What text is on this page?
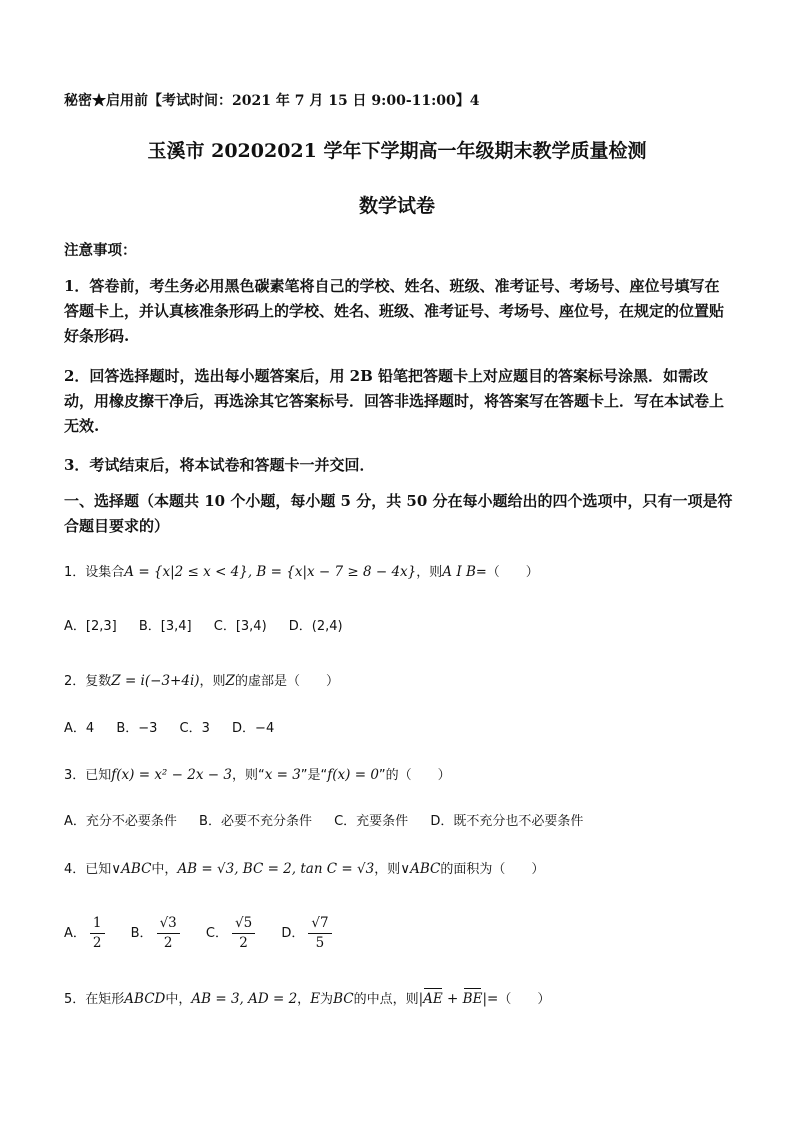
秘密★启用前【考试时间：2021 年 7 月 15 日 9:00-11:00】4
玉溪市 20202021 学年下学期高一年级期末教学质量检测
数学试卷
注意事项：
1．答卷前，考生务必用黑色碳素笔将自己的学校、姓名、班级、准考证号、考场号、座位号填写在答题卡上，并认真核准条形码上的学校、姓名、班级、准考证号、考场号、座位号，在规定的位置贴好条形码.
2．回答选择题时，选出每小题答案后，用 2B 铅笔把答题卡上对应题目的答案标号涂黑．如需改动，用橡皮擦干净后，再选涂其它答案标号．回答非选择题时，将答案写在答题卡上．写在本试卷上无效.
3．考试结束后，将本试卷和答题卡一并交回．
一、选择题（本题共 10 个小题，每小题 5 分，共 50 分在每小题给出的四个选项中，只有一项是符合题目要求的）
1．设集合A = {x|2 ≤ x < 4}, B = {x|x − 7 ≥ 8 − 4x}，则A I B=（　　）
A．[2,3] B．[3,4] C．[3,4) D．(2,4)
2．复数Z = i(−3+4i)，则Z的虚部是（　　）
A．4 B．−3 C．3 D．−4
3．已知f(x) = x² − 2x − 3，则“x = 3”是“f(x) = 0”的（　　）
A．充分不必要条件 B．必要不充分条件 C．充要条件 D．既不充分也不必要条件
4．已知∨ABC中，AB = √3, BC = 2, tan C = √3，则∨ABC的面积为（　　）
A． $\frac{1}{2}$ B． $\frac{√3}{2}$ C． $\frac{√5}{2}$ D． $\frac{√7}{5}$
5．在矩形ABCD中，AB = 3, AD = 2，E为BC的中点，则|AE + BE|=（　　）
